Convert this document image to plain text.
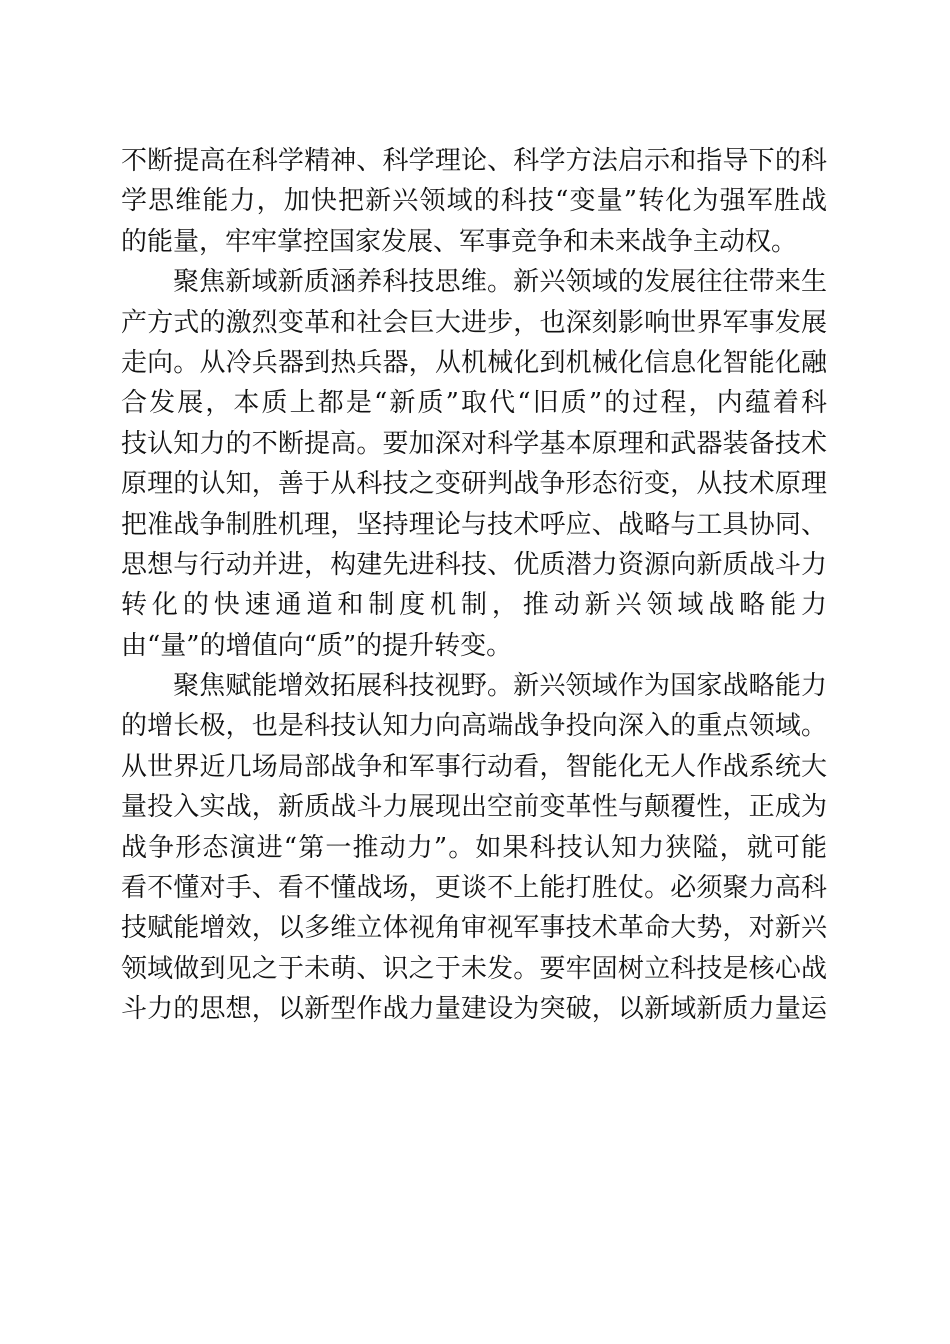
不断提高在科学精神、科学理论、科学方法启示和指导下的科
学思维能力，加快把新兴领域的科技“变量”转化为强军胜战
的能量，牢牢掌控国家发展、军事竞争和未来战争主动权。
聚焦新域新质涵养科技思维。新兴领域的发展往往带来生
产方式的激烈变革和社会巨大进步，也深刻影响世界军事发展
走向。从冷兵器到热兵器，从机械化到机械化信息化智能化融
合发展，本质上都是“新质”取代“旧质”的过程，内蕴着科
技认知力的不断提高。要加深对科学基本原理和武器装备技术
原理的认知，善于从科技之变研判战争形态衍变，从技术原理
把准战争制胜机理，坚持理论与技术呼应、战略与工具协同、
思想与行动并进，构建先进科技、优质潜力资源向新质战斗力
转化的快速通道和制度机制，推动新兴领域战略能力
由“量”的增值向“质”的提升转变。
聚焦赋能增效拓展科技视野。新兴领域作为国家战略能力
的增长极，也是科技认知力向高端战争投向深入的重点领域。
从世界近几场局部战争和军事行动看，智能化无人作战系统大
量投入实战，新质战斗力展现出空前变革性与颠覆性，正成为
战争形态演进“第一推动力”。如果科技认知力狭隘，就可能
看不懂对手、看不懂战场，更谈不上能打胜仗。必须聚力高科
技赋能增效，以多维立体视角审视军事技术革命大势，对新兴
领域做到见之于未萌、识之于未发。要牢固树立科技是核心战
斗力的思想，以新型作战力量建设为突破，以新域新质力量运
